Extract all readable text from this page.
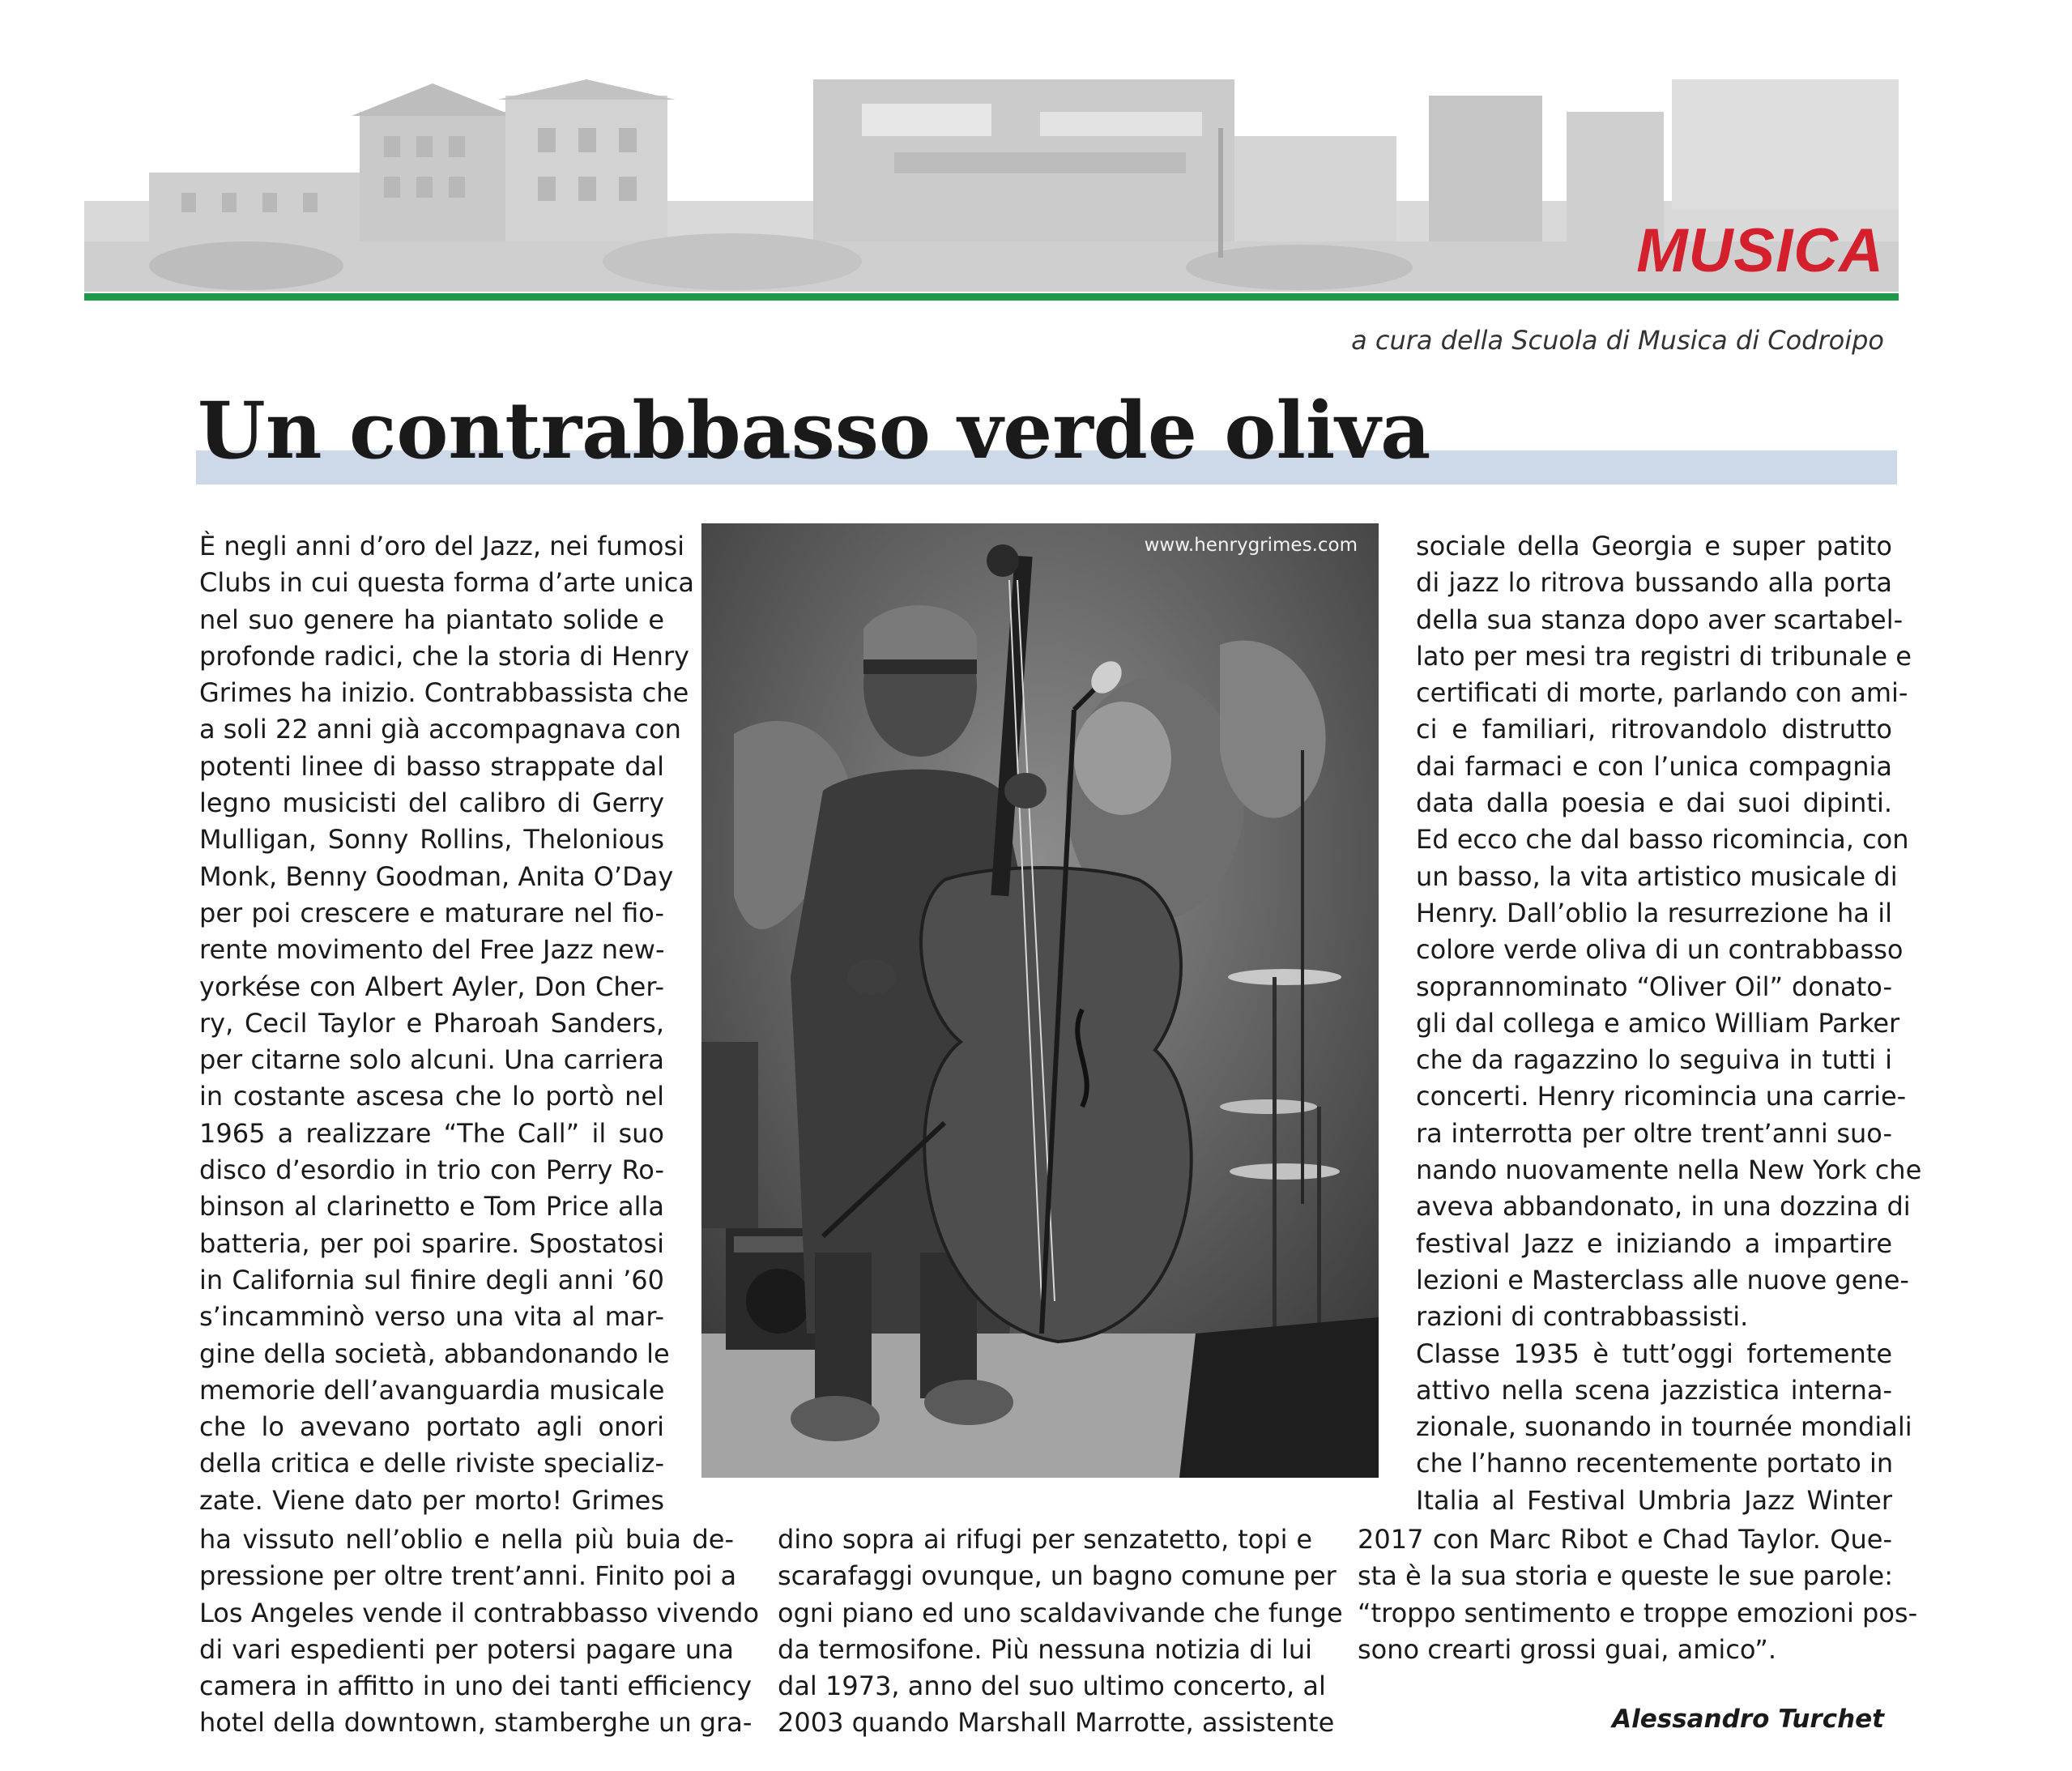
MUSICA

a cura della Scuola di Musica di Codroipo

Un contrabbasso verde oliva
È negli anni d’oro del Jazz, nei fumosi
Clubs in cui questa forma d’arte unica
nel suo genere ha piantato solide e
profonde radici, che la storia di Henry
Grimes ha inizio. Contrabbassista che
a soli 22 anni già accompagnava con
potenti linee di basso strappate dal
legno musicisti del calibro di Gerry
Mulligan, Sonny Rollins, Thelonious
Monk, Benny Goodman, Anita O’Day
per poi crescere e maturare nel fio-
rente movimento del Free Jazz new-
yorkése con Albert Ayler, Don Cher-
ry, Cecil Taylor e Pharoah Sanders,
per citarne solo alcuni. Una carriera
in costante ascesa che lo portò nel
1965 a realizzare “The Call” il suo
disco d’esordio in trio con Perry Ro-
binson al clarinetto e Tom Price alla
batteria, per poi sparire. Spostatosi
in California sul finire degli anni ’60
s’incamminò verso una vita al mar-
gine della società, abbandonando le
memorie dell’avanguardia musicale
che lo avevano portato agli onori
della critica e delle riviste specializ-
zate. Viene dato per morto! Grimes

www.henrygrimes.com sociale della Georgia e super patito
di jazz lo ritrova bussando alla porta
della sua stanza dopo aver scartabel-
lato per mesi tra registri di tribunale e
certificati di morte, parlando con ami-
ci e familiari, ritrovandolo distrutto
dai farmaci e con l’unica compagnia
data dalla poesia e dai suoi dipinti.
Ed ecco che dal basso ricomincia, con
un basso, la vita artistico musicale di
Henry. Dall’oblio la resurrezione ha il
colore verde oliva di un contrabbasso
soprannominato “Oliver Oil” donato-
gli dal collega e amico William Parker
che da ragazzino lo seguiva in tutti i
concerti. Henry ricomincia una carrie-
ra interrotta per oltre trent’anni suo-
nando nuovamente nella New York che
aveva abbandonato, in una dozzina di
festival Jazz e iniziando a impartire
lezioni e Masterclass alle nuove gene-
razioni di contrabbassisti.
Classe 1935 è tutt’oggi fortemente
attivo nella scena jazzistica interna-
zionale, suonando in tournée mondiali
che l’hanno recentemente portato in
Italia al Festival Umbria Jazz Winter
ha vissuto nell’oblio e nella più buia de-
pressione per oltre trent’anni. Finito poi a
Los Angeles vende il contrabbasso vivendo
di vari espedienti per potersi pagare una
camera in affitto in uno dei tanti efficiency
hotel della downtown, stamberghe un gra-
dino sopra ai rifugi per senzatetto, topi e
scarafaggi ovunque, un bagno comune per
ogni piano ed uno scaldavivande che funge
da termosifone. Più nessuna notizia di lui
dal 1973, anno del suo ultimo concerto, al
2003 quando Marshall Marrotte, assistente
2017 con Marc Ribot e Chad Taylor. Que-
sta è la sua storia e queste le sue parole:
“troppo sentimento e troppe emozioni pos-
sono crearti grossi guai, amico”.

Alessandro Turchet
